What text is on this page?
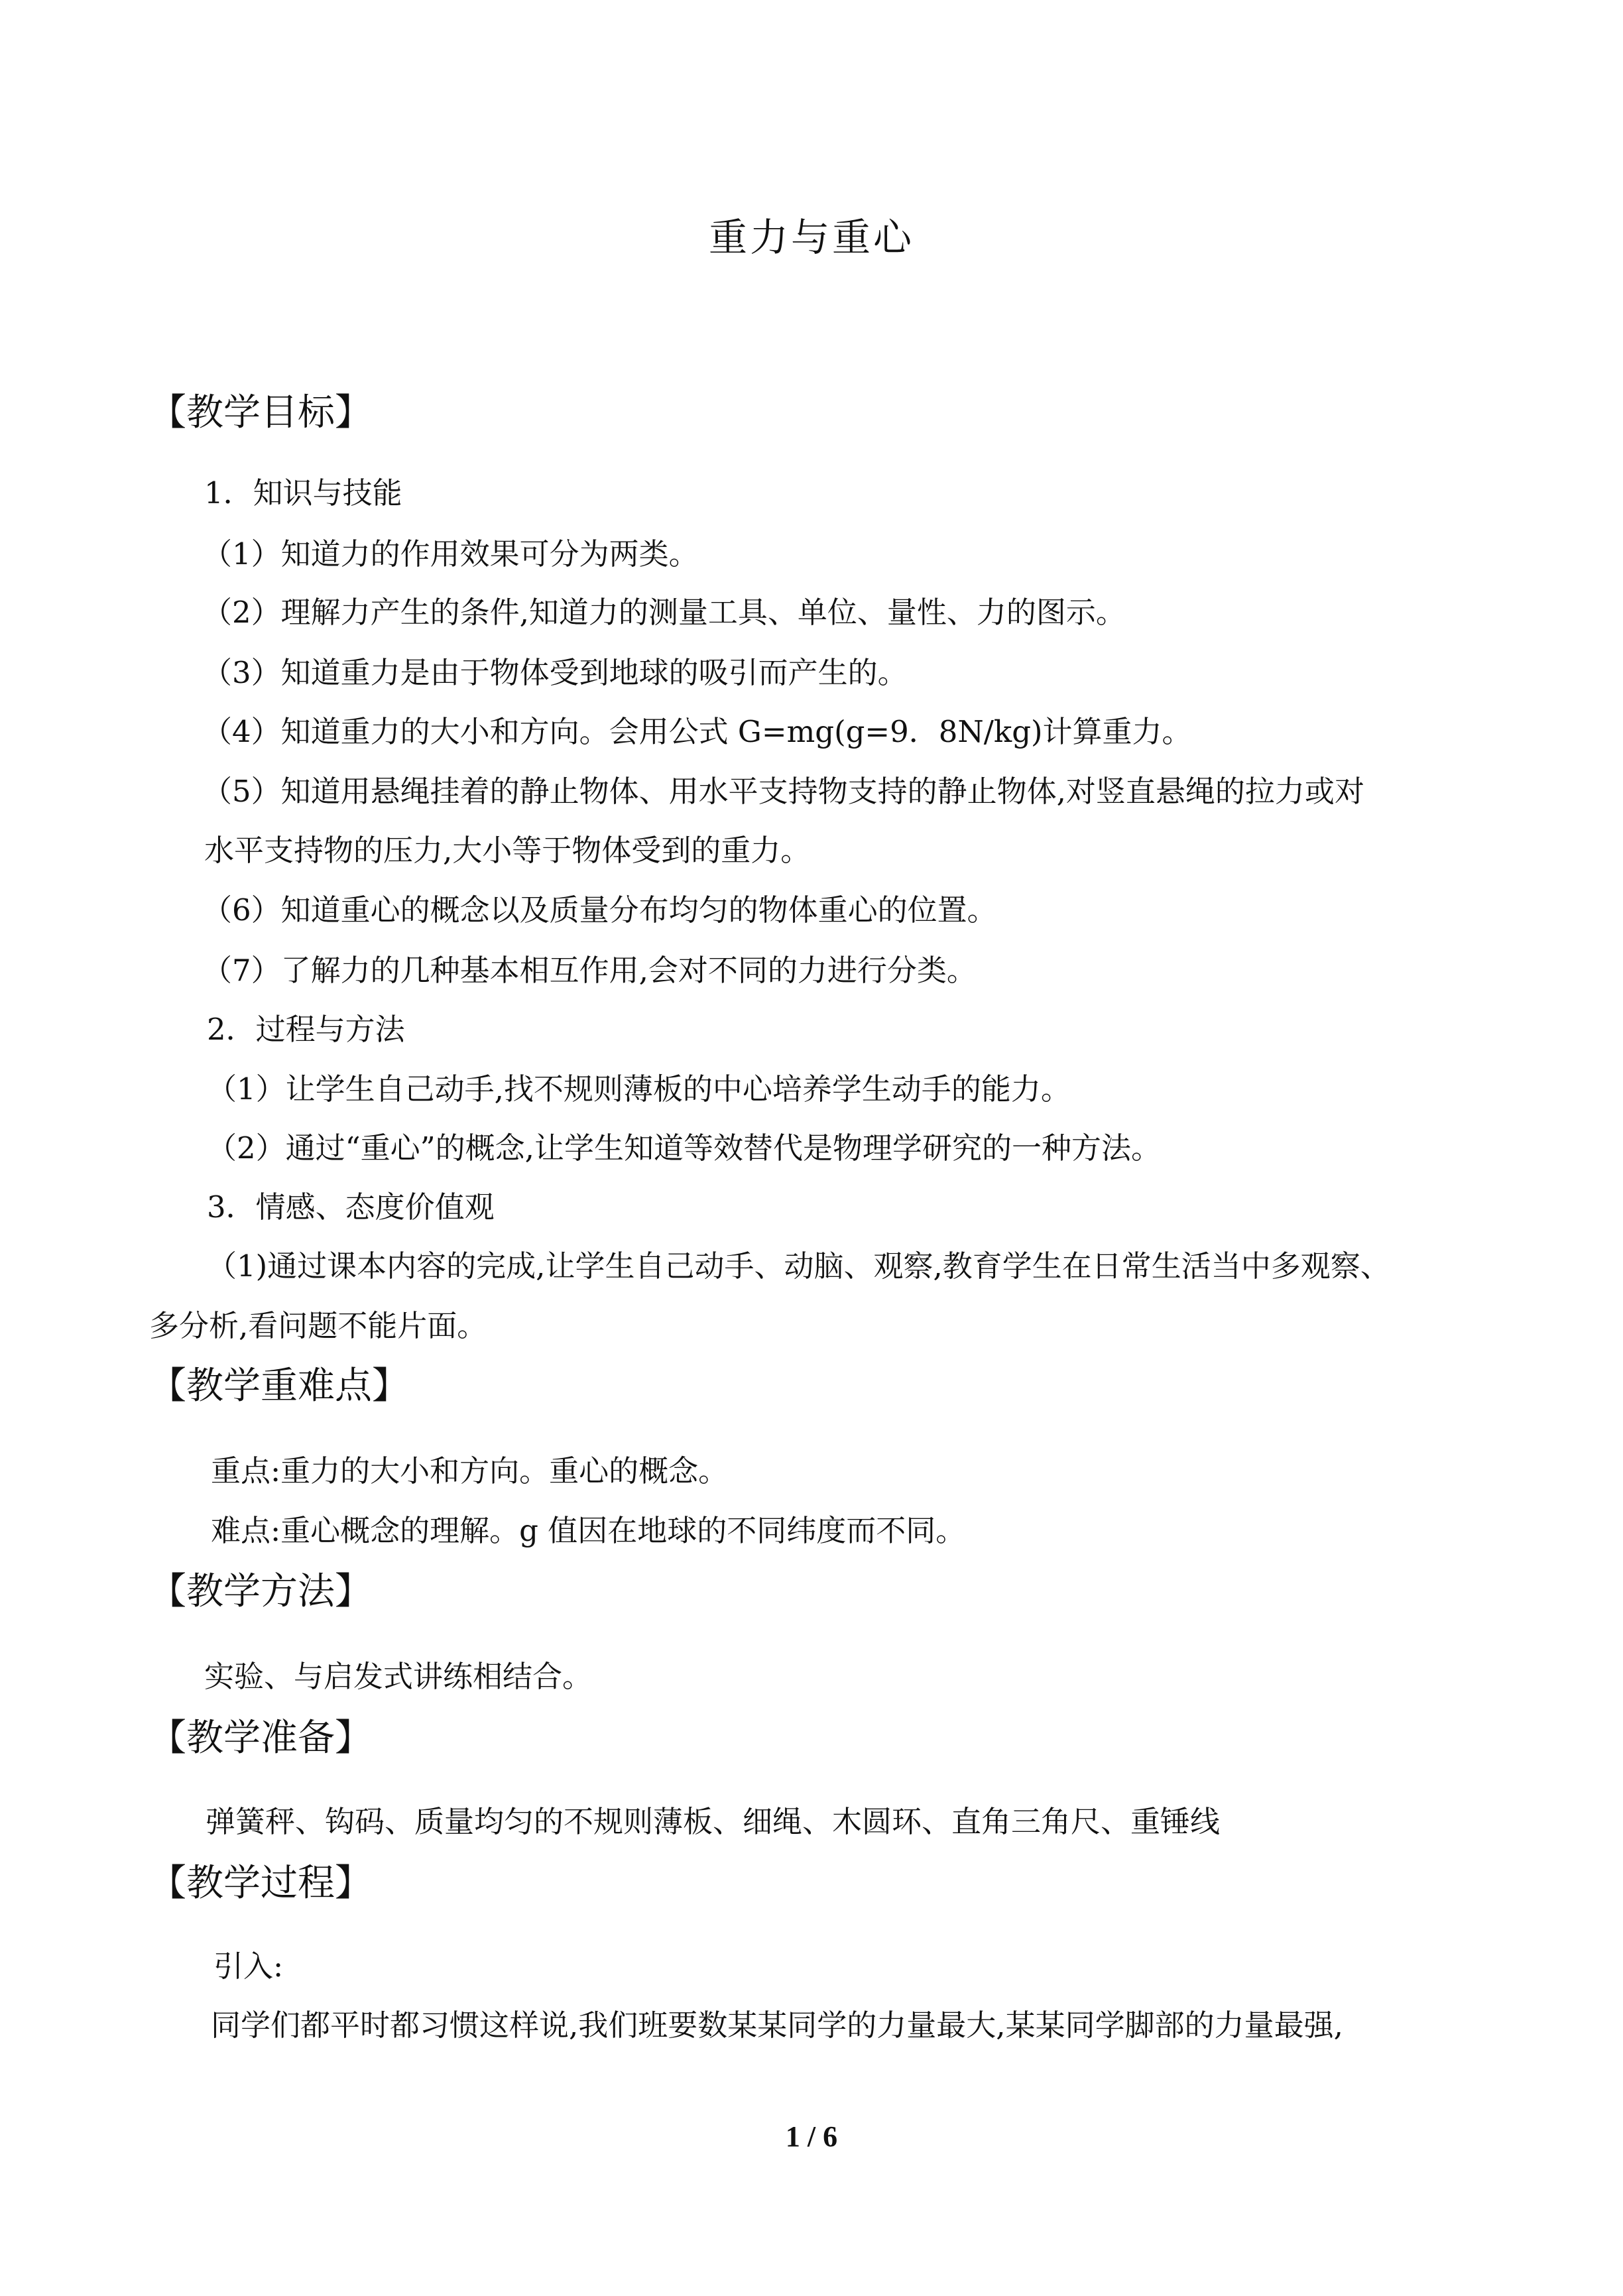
重力与重心
【教学目标】
1．知识与技能
（1）知道力的作用效果可分为两类。
（2）理解力产生的条件,知道力的测量工具、单位、量性、力的图示。
（3）知道重力是由于物体受到地球的吸引而产生的。
（4）知道重力的大小和方向。会用公式 G=mg(g=9．8N/kg)计算重力。
（5）知道用悬绳挂着的静止物体、用水平支持物支持的静止物体,对竖直悬绳的拉力或对
水平支持物的压力,大小等于物体受到的重力。
（6）知道重心的概念以及质量分布均匀的物体重心的位置。
（7）了解力的几种基本相互作用,会对不同的力进行分类。
2．过程与方法
（1）让学生自己动手,找不规则薄板的中心培养学生动手的能力。
（2）通过“重心”的概念,让学生知道等效替代是物理学研究的一种方法。
3．情感、态度价值观
（1)通过课本内容的完成,让学生自己动手、动脑、观察,教育学生在日常生活当中多观察、
多分析,看问题不能片面。
【教学重难点】
重点:重力的大小和方向。重心的概念。
难点:重心概念的理解。g 值因在地球的不同纬度而不同。
【教学方法】
实验、与启发式讲练相结合。
【教学准备】
弹簧秤、钩码、质量均匀的不规则薄板、细绳、木圆环、直角三角尺、重锤线
【教学过程】
引入:
同学们都平时都习惯这样说,我们班要数某某同学的力量最大,某某同学脚部的力量最强,
1 / 6
